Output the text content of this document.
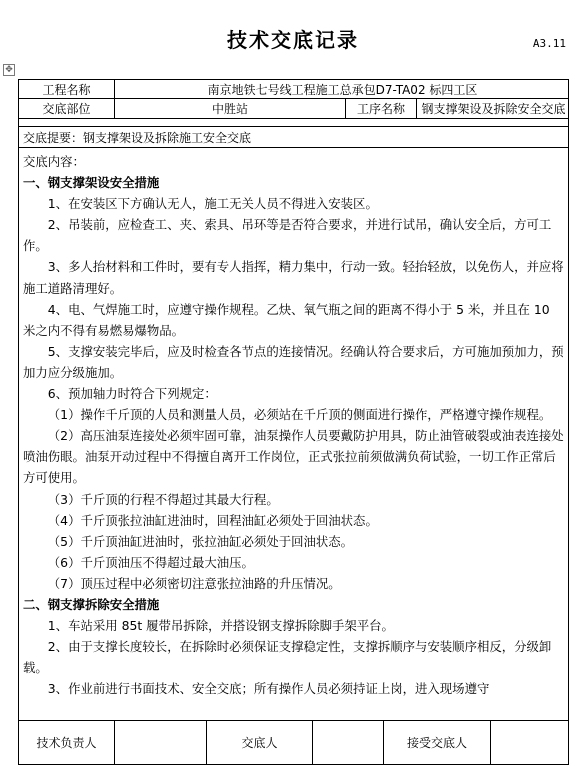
技术交底记录	A3.11
✥
工程名称	南京地铁七号线工程施工总承包D7-TA02 标四工区
交底部位	中胜站	工序名称	钢支撑架设及拆除安全交底
交底提要：钢支撑架设及拆除施工安全交底

交底内容：

一、钢支撑架设安全措施

1、在安装区下方确认无人，施工无关人员不得进入安装区。

2、吊装前，应检查工、夹、索具、吊环等是否符合要求，并进行试吊，确认安全后，方可工作。

3、多人抬材料和工件时，要有专人指挥，精力集中，行动一致。轻抬轻放，以免伤人，并应将施工道路清理好。

4、电、气焊施工时，应遵守操作规程。乙炔、氧气瓶之间的距离不得小于 5 米，并且在 10 米之内不得有易燃易爆物品。

5、支撑安装完毕后，应及时检查各节点的连接情况。经确认符合要求后，方可施加预加力，预加力应分级施加。

6、预加轴力时符合下列规定：

（1）操作千斤顶的人员和测量人员，必须站在千斤顶的侧面进行操作，严格遵守操作规程。

（2）高压油泵连接处必须牢固可靠，油泵操作人员要戴防护用具，防止油管破裂或油表连接处喷油伤眼。油泵开动过程中不得擅自离开工作岗位，正式张拉前须做满负荷试验，一切工作正常后方可使用。

（3）千斤顶的行程不得超过其最大行程。

（4）千斤顶张拉油缸进油时，回程油缸必须处于回油状态。

（5）千斤顶油缸进油时，张拉油缸必须处于回油状态。

（6）千斤顶油压不得超过最大油压。

（7）顶压过程中必须密切注意张拉油路的升压情况。

二、钢支撑拆除安全措施

1、车站采用 85t 履带吊拆除，并搭设钢支撑拆除脚手架平台。

2、由于支撑长度较长，在拆除时必须保证支撑稳定性，支撑拆顺序与安装顺序相反，分级卸载。

3、作业前进行书面技术、安全交底；所有操作人员必须持证上岗，进入现场遵守

技术负责人	交底人	接受交底人
